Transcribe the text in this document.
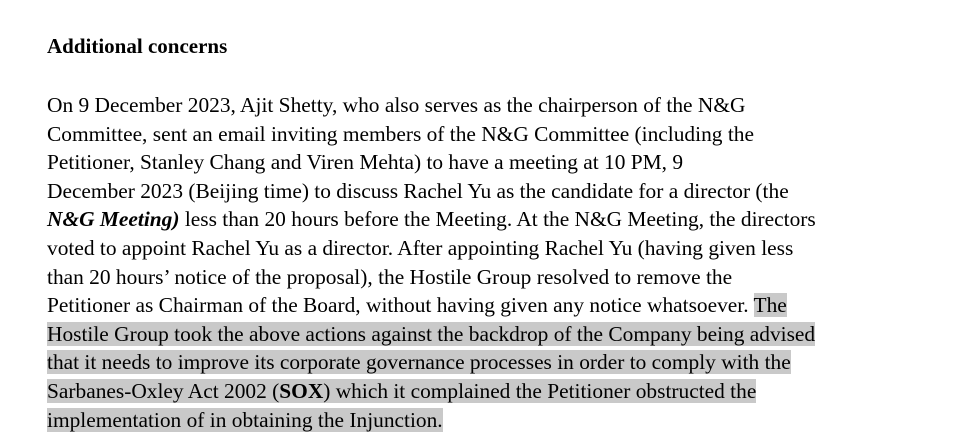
Additional concerns
On 9 December 2023, Ajit Shetty, who also serves as the chairperson of the N&G
Committee, sent an email inviting members of the N&G Committee (including the
Petitioner, Stanley Chang and Viren Mehta) to have a meeting at 10 PM, 9
December 2023 (Beijing time) to discuss Rachel Yu as the candidate for a director (the
N&G Meeting) less than 20 hours before the Meeting. At the N&G Meeting, the directors
voted to appoint Rachel Yu as a director. After appointing Rachel Yu (having given less
than 20 hours’ notice of the proposal), the Hostile Group resolved to remove the
Petitioner as Chairman of the Board, without having given any notice whatsoever. The
Hostile Group took the above actions against the backdrop of the Company being advised
that it needs to improve its corporate governance processes in order to comply with the
Sarbanes-Oxley Act 2002 (SOX) which it complained the Petitioner obstructed the
implementation of in obtaining the Injunction.
